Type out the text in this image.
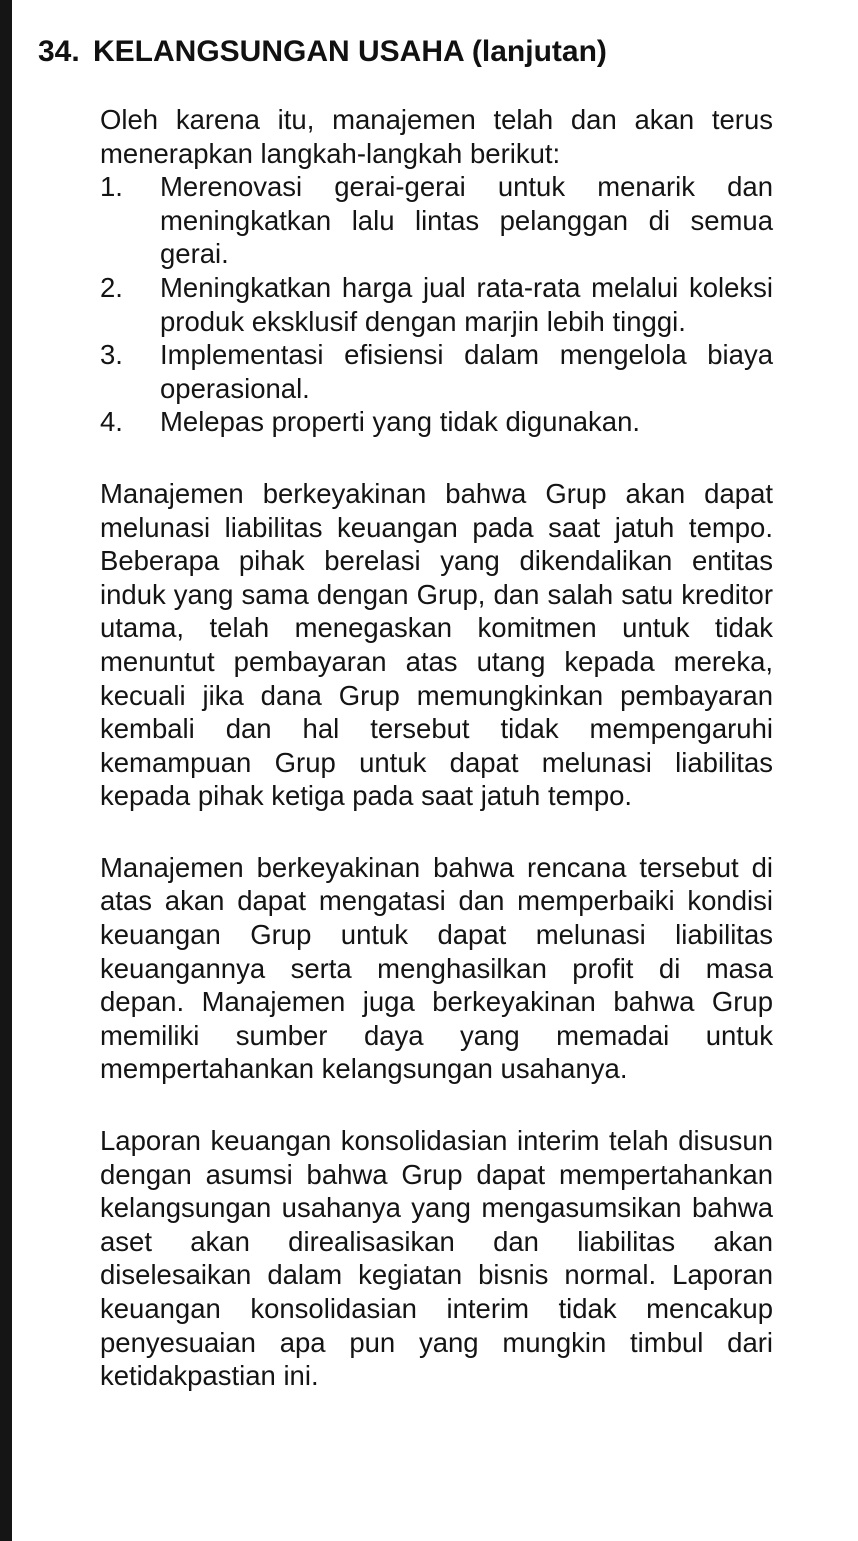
34. KELANGSUNGAN USAHA (lanjutan)

Oleh karena itu, manajemen telah dan akan terus menerapkan langkah-langkah berikut:

1.	Merenovasi gerai-gerai untuk menarik dan meningkatkan lalu lintas pelanggan di semua gerai.
2.	Meningkatkan harga jual rata-rata melalui koleksi produk eksklusif dengan marjin lebih tinggi.
3.	Implementasi efisiensi dalam mengelola biaya operasional.
4.	Melepas properti yang tidak digunakan.

Manajemen berkeyakinan bahwa Grup akan dapat melunasi liabilitas keuangan pada saat jatuh tempo. Beberapa pihak berelasi yang dikendalikan entitas induk yang sama dengan Grup, dan salah satu kreditor utama, telah menegaskan komitmen untuk tidak menuntut pembayaran atas utang kepada mereka, kecuali jika dana Grup memungkinkan pembayaran kembali dan hal tersebut tidak mempengaruhi kemampuan Grup untuk dapat melunasi liabilitas kepada pihak ketiga pada saat jatuh tempo.

Manajemen berkeyakinan bahwa rencana tersebut di atas akan dapat mengatasi dan memperbaiki kondisi keuangan Grup untuk dapat melunasi liabilitas keuangannya serta menghasilkan profit di masa depan. Manajemen juga berkeyakinan bahwa Grup memiliki sumber daya yang memadai untuk mempertahankan kelangsungan usahanya.

Laporan keuangan konsolidasian interim telah disusun dengan asumsi bahwa Grup dapat mempertahankan kelangsungan usahanya yang mengasumsikan bahwa aset akan direalisasikan dan liabilitas akan diselesaikan dalam kegiatan bisnis normal. Laporan keuangan konsolidasian interim tidak mencakup penyesuaian apa pun yang mungkin timbul dari ketidakpastian ini.
